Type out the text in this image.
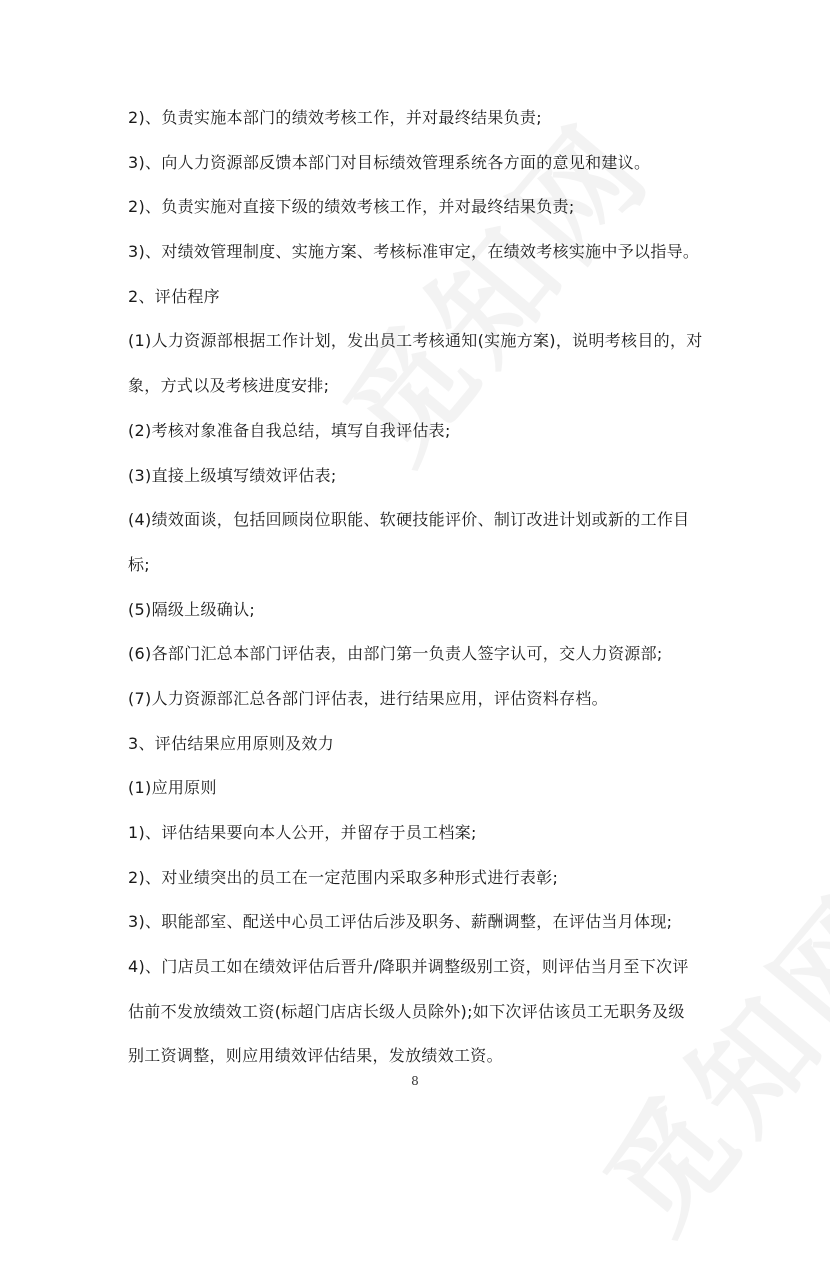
2)、负责实施本部门的绩效考核工作，并对最终结果负责;
3)、向人力资源部反馈本部门对目标绩效管理系统各方面的意见和建议。
2)、负责实施对直接下级的绩效考核工作，并对最终结果负责;
3)、对绩效管理制度、实施方案、考核标准审定，在绩效考核实施中予以指导。
2、评估程序
(1)人力资源部根据工作计划，发出员工考核通知(实施方案)，说明考核目的，对
象，方式以及考核进度安排;
(2)考核对象准备自我总结，填写自我评估表;
(3)直接上级填写绩效评估表;
(4)绩效面谈，包括回顾岗位职能、软硬技能评价、制订改进计划或新的工作目
标;
(5)隔级上级确认;
(6)各部门汇总本部门评估表，由部门第一负责人签字认可，交人力资源部;
(7)人力资源部汇总各部门评估表，进行结果应用，评估资料存档。
3、评估结果应用原则及效力
(1)应用原则
1)、评估结果要向本人公开，并留存于员工档案;
2)、对业绩突出的员工在一定范围内采取多种形式进行表彰;
3)、职能部室、配送中心员工评估后涉及职务、薪酬调整，在评估当月体现;
4)、门店员工如在绩效评估后晋升/降职并调整级别工资，则评估当月至下次评
估前不发放绩效工资(标超门店店长级人员除外);如下次评估该员工无职务及级
别工资调整，则应用绩效评估结果，发放绩效工资。
8
